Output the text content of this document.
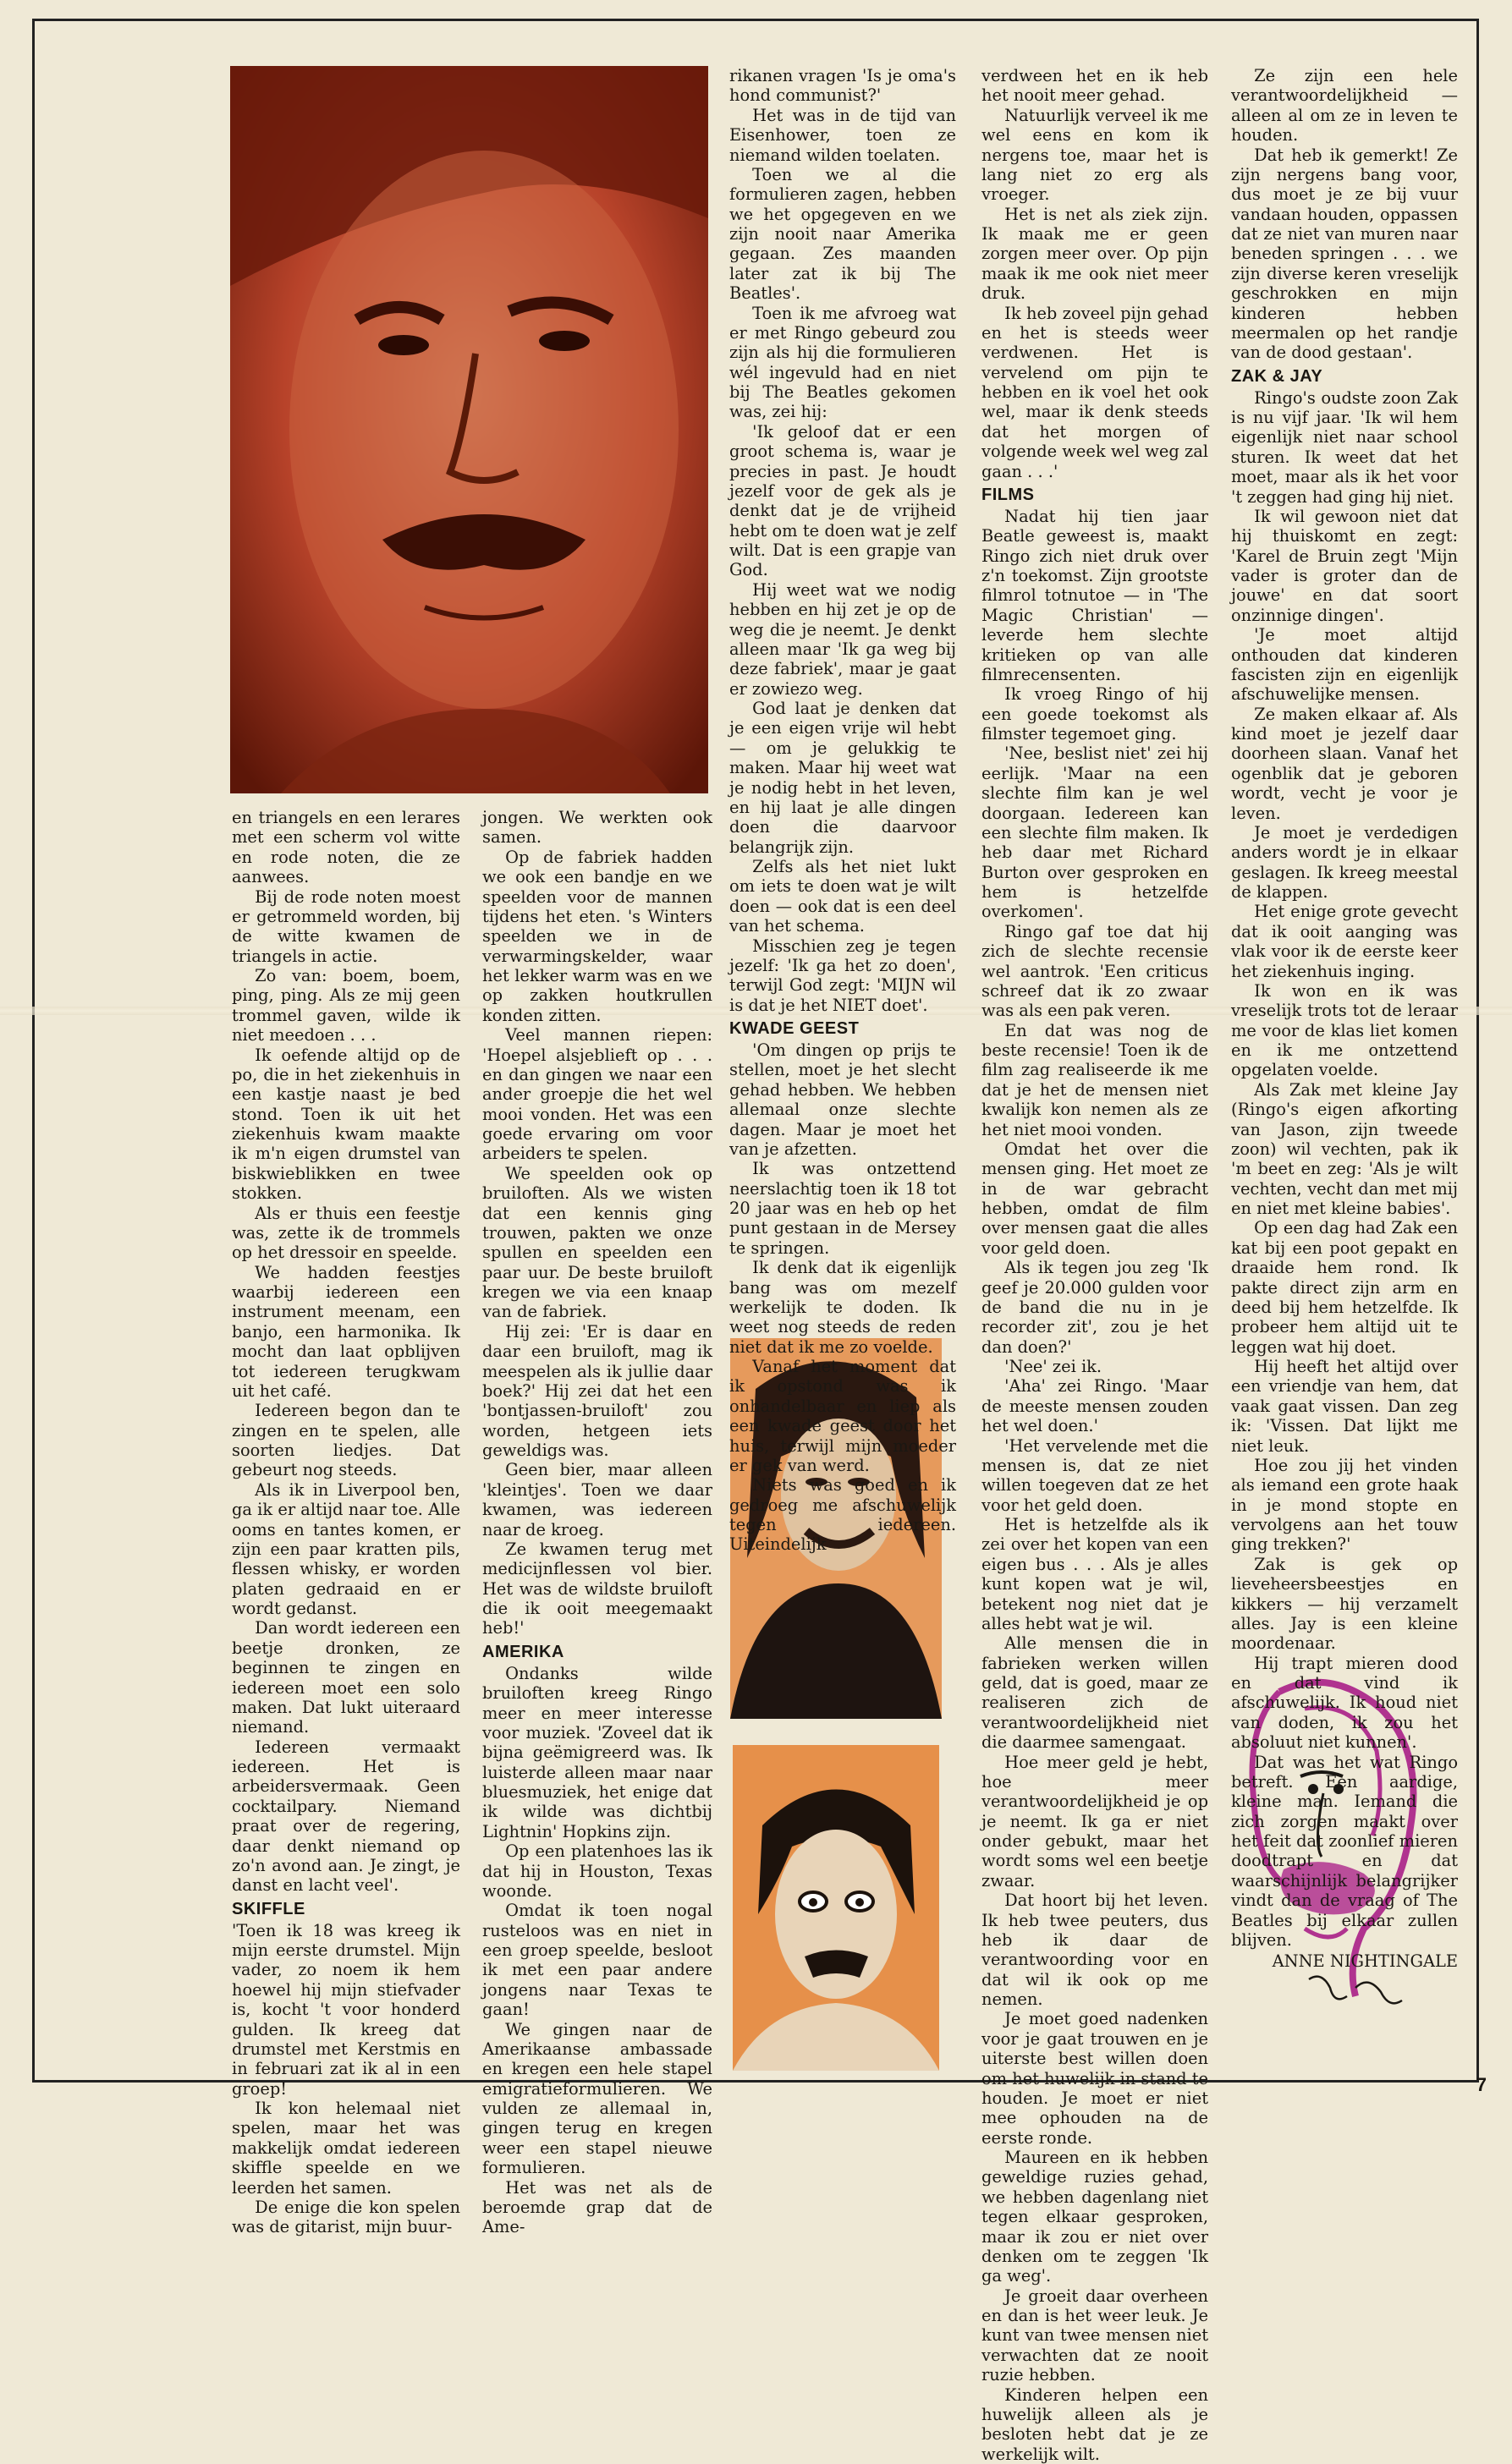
en triangels en een lerares met een scherm vol witte en rode noten, die ze aanwees.

Bij de rode noten moest er getrommeld worden, bij de witte kwamen de triangels in actie.

Zo van: boem, boem, ping, ping. Als ze mij geen trommel gaven, wilde ik niet meedoen . . .

Ik oefende altijd op de po, die in het ziekenhuis in een kastje naast je bed stond. Toen ik uit het ziekenhuis kwam maakte ik m'n eigen drumstel van biskwieblikken en twee stokken.

Als er thuis een feestje was, zette ik de trommels op het dressoir en speelde.

We hadden feestjes waarbij iedereen een instrument meenam, een banjo, een harmonika. Ik mocht dan laat opblijven tot iedereen terugkwam uit het café.

Iedereen begon dan te zingen en te spelen, alle soorten liedjes. Dat gebeurt nog steeds.

Als ik in Liverpool ben, ga ik er altijd naar toe. Alle ooms en tantes komen, er zijn een paar kratten pils, flessen whisky, er worden platen gedraaid en er wordt gedanst.

Dan wordt iedereen een beetje dronken, ze beginnen te zingen en iedereen moet een solo maken. Dat lukt uiteraard niemand.

Iedereen vermaakt iedereen. Het is arbeidersvermaak. Geen cocktailpary. Niemand praat over de regering, daar denkt niemand op zo'n avond aan. Je zingt, je danst en lacht veel'.

SKIFFLE

'Toen ik 18 was kreeg ik mijn eerste drumstel. Mijn vader, zo noem ik hem hoewel hij mijn stiefvader is, kocht 't voor honderd gulden. Ik kreeg dat drumstel met Kerstmis en in februari zat ik al in een groep!

Ik kon helemaal niet spelen, maar het was makkelijk omdat iedereen skiffle speelde en we leerden het samen.

De enige die kon spelen was de gitarist, mijn buur-

jongen. We werkten ook samen.

Op de fabriek hadden we ook een bandje en we speelden voor de mannen tijdens het eten. 's Winters speelden we in de verwarmingskelder, waar het lekker warm was en we op zakken houtkrullen konden zitten.

Veel mannen riepen: 'Hoepel alsjeblieft op . . . en dan gingen we naar een ander groepje die het wel mooi vonden. Het was een goede ervaring om voor arbeiders te spelen.

We speelden ook op bruiloften. Als we wisten dat een kennis ging trouwen, pakten we onze spullen en speelden een paar uur. De beste bruiloft kregen we via een knaap van de fabriek.

Hij zei: 'Er is daar en daar een bruiloft, mag ik meespelen als ik jullie daar boek?' Hij zei dat het een 'bontjassen-bruiloft' zou worden, hetgeen iets geweldigs was.

Geen bier, maar alleen 'kleintjes'. Toen we daar kwamen, was iedereen naar de kroeg.

Ze kwamen terug met medicijnflessen vol bier. Het was de wildste bruiloft die ik ooit meegemaakt heb!'

AMERIKA

Ondanks wilde bruiloften kreeg Ringo meer en meer interesse voor muziek. 'Zoveel dat ik bijna geëmigreerd was. Ik luisterde alleen maar naar bluesmuziek, het enige dat ik wilde was dichtbij Lightnin' Hopkins zijn.

Op een platenhoes las ik dat hij in Houston, Texas woonde.

Omdat ik toen nogal rusteloos was en niet in een groep speelde, besloot ik met een paar andere jongens naar Texas te gaan!

We gingen naar de Amerikaanse ambassade en kregen een hele stapel emigratieformulieren. We vulden ze allemaal in, gingen terug en kregen weer een stapel nieuwe formulieren.

Het was net als de beroemde grap dat de Ame-

rikanen vragen 'Is je oma's hond communist?'

Het was in de tijd van Eisenhower, toen ze niemand wilden toelaten.

Toen we al die formulieren zagen, hebben we het opgegeven en we zijn nooit naar Amerika gegaan. Zes maanden later zat ik bij The Beatles'.

Toen ik me afvroeg wat er met Ringo gebeurd zou zijn als hij die formulieren wél ingevuld had en niet bij The Beatles gekomen was, zei hij:

'Ik geloof dat er een groot schema is, waar je precies in past. Je houdt jezelf voor de gek als je denkt dat je de vrijheid hebt om te doen wat je zelf wilt. Dat is een grapje van God.

Hij weet wat we nodig hebben en hij zet je op de weg die je neemt. Je denkt alleen maar 'Ik ga weg bij deze fabriek', maar je gaat er zowiezo weg.

God laat je denken dat je een eigen vrije wil hebt — om je gelukkig te maken. Maar hij weet wat je nodig hebt in het leven, en hij laat je alle dingen doen die daarvoor belangrijk zijn.

Zelfs als het niet lukt om iets te doen wat je wilt doen — ook dat is een deel van het schema.

Misschien zeg je tegen jezelf: 'Ik ga het zo doen', terwijl God zegt: 'MIJN wil is dat je het NIET doet'.

KWADE GEEST

'Om dingen op prijs te stellen, moet je het slecht gehad hebben. We hebben allemaal onze slechte dagen. Maar je moet het van je afzetten.

Ik was ontzettend neerslachtig toen ik 18 tot 20 jaar was en heb op het punt gestaan in de Mersey te springen.

Ik denk dat ik eigenlijk bang was om mezelf werkelijk te doden. Ik weet nog steeds de reden niet dat ik me zo voelde.

Vanaf het moment dat ik opstond was ik onhandelbaar en liep als een kwade geest door het huis, terwijl mijn moeder er gek van werd.

Niets was goed en ik gedroeg me afschuwelijk tegen iedereen. Uiteindelijk

verdween het en ik heb het nooit meer gehad.

Natuurlijk verveel ik me wel eens en kom ik nergens toe, maar het is lang niet zo erg als vroeger.

Het is net als ziek zijn. Ik maak me er geen zorgen meer over. Op pijn maak ik me ook niet meer druk.

Ik heb zoveel pijn gehad en het is steeds weer verdwenen. Het is vervelend om pijn te hebben en ik voel het ook wel, maar ik denk steeds dat het morgen of volgende week wel weg zal gaan . . .'

FILMS

Nadat hij tien jaar Beatle geweest is, maakt Ringo zich niet druk over z'n toekomst. Zijn grootste filmrol totnutoe — in 'The Magic Christian' — leverde hem slechte kritieken op van alle filmrecensenten.

Ik vroeg Ringo of hij een goede toekomst als filmster tegemoet ging.

'Nee, beslist niet' zei hij eerlijk. 'Maar na een slechte film kan je wel doorgaan. Iedereen kan een slechte film maken. Ik heb daar met Richard Burton over gesproken en hem is hetzelfde overkomen'.

Ringo gaf toe dat hij zich de slechte recensie wel aantrok. 'Een criticus schreef dat ik zo zwaar was als een pak veren.

En dat was nog de beste recensie! Toen ik de film zag realiseerde ik me dat je het de mensen niet kwalijk kon nemen als ze het niet mooi vonden.

Omdat het over die mensen ging. Het moet ze in de war gebracht hebben, omdat de film over mensen gaat die alles voor geld doen.

Als ik tegen jou zeg 'Ik geef je 20.000 gulden voor de band die nu in je recorder zit', zou je het dan doen?'

'Nee' zei ik.

'Aha' zei Ringo. 'Maar de meeste mensen zouden het wel doen.'

'Het vervelende met die mensen is, dat ze niet willen toegeven dat ze het voor het geld doen.

Het is hetzelfde als ik zei over het kopen van een eigen bus . . . Als je alles kunt kopen wat je wil, betekent nog niet dat je alles hebt wat je wil.

Alle mensen die in fabrieken werken willen geld, dat is goed, maar ze realiseren zich de verantwoordelijkheid niet die daarmee samengaat.

Hoe meer geld je hebt, hoe meer verantwoordelijkheid je op je neemt. Ik ga er niet onder gebukt, maar het wordt soms wel een beetje zwaar.

Dat hoort bij het leven. Ik heb twee peuters, dus heb ik daar de verantwoording voor en dat wil ik ook op me nemen.

Je moet goed nadenken voor je gaat trouwen en je uiterste best willen doen om het huwelijk in stand te houden. Je moet er niet mee ophouden na de eerste ronde.

Maureen en ik hebben geweldige ruzies gehad, we hebben dagenlang niet tegen elkaar gesproken, maar ik zou er niet over denken om te zeggen 'Ik ga weg'.

Je groeit daar overheen en dan is het weer leuk. Je kunt van twee mensen niet verwachten dat ze nooit ruzie hebben.

Kinderen helpen een huwelijk alleen als je besloten hebt dat je ze werkelijk wilt.

Ze zijn een hele verantwoordelijkheid — alleen al om ze in leven te houden.

Dat heb ik gemerkt! Ze zijn nergens bang voor, dus moet je ze bij vuur vandaan houden, oppassen dat ze niet van muren naar beneden springen . . . we zijn diverse keren vreselijk geschrokken en mijn kinderen hebben meermalen op het randje van de dood gestaan'.

ZAK & JAY

Ringo's oudste zoon Zak is nu vijf jaar. 'Ik wil hem eigenlijk niet naar school sturen. Ik weet dat het moet, maar als ik het voor 't zeggen had ging hij niet.

Ik wil gewoon niet dat hij thuiskomt en zegt: 'Karel de Bruin zegt 'Mijn vader is groter dan de jouwe' en dat soort onzinnige dingen'.

'Je moet altijd onthouden dat kinderen fascisten zijn en eigenlijk afschuwelijke mensen.

Ze maken elkaar af. Als kind moet je jezelf daar doorheen slaan. Vanaf het ogenblik dat je geboren wordt, vecht je voor je leven.

Je moet je verdedigen anders wordt je in elkaar geslagen. Ik kreeg meestal de klappen.

Het enige grote gevecht dat ik ooit aanging was vlak voor ik de eerste keer het ziekenhuis inging.

Ik won en ik was vreselijk trots tot de leraar me voor de klas liet komen en ik me ontzettend opgelaten voelde.

Als Zak met kleine Jay (Ringo's eigen afkorting van Jason, zijn tweede zoon) wil vechten, pak ik 'm beet en zeg: 'Als je wilt vechten, vecht dan met mij en niet met kleine babies'.

Op een dag had Zak een kat bij een poot gepakt en draaide hem rond. Ik pakte direct zijn arm en deed bij hem hetzelfde. Ik probeer hem altijd uit te leggen wat hij doet.

Hij heeft het altijd over een vriendje van hem, dat vaak gaat vissen. Dan zeg ik: 'Vissen. Dat lijkt me niet leuk.

Hoe zou jij het vinden als iemand een grote haak in je mond stopte en vervolgens aan het touw ging trekken?'

Zak is gek op lieveheersbeestjes en kikkers — hij verzamelt alles. Jay is een kleine moordenaar.

Hij trapt mieren dood en dat vind ik afschuwelijk. Ik houd niet van doden, ik zou het absoluut niet kunnen'.

Dat was het wat Ringo betreft. Een aardige, kleine man. Iemand die zich zorgen maakt over het feit dat zoonlief mieren doodtrapt en dat waarschijnlijk belangrijker vindt dan de vraag of The Beatles bij elkaar zullen blijven.

ANNE NIGHTINGALE

7
